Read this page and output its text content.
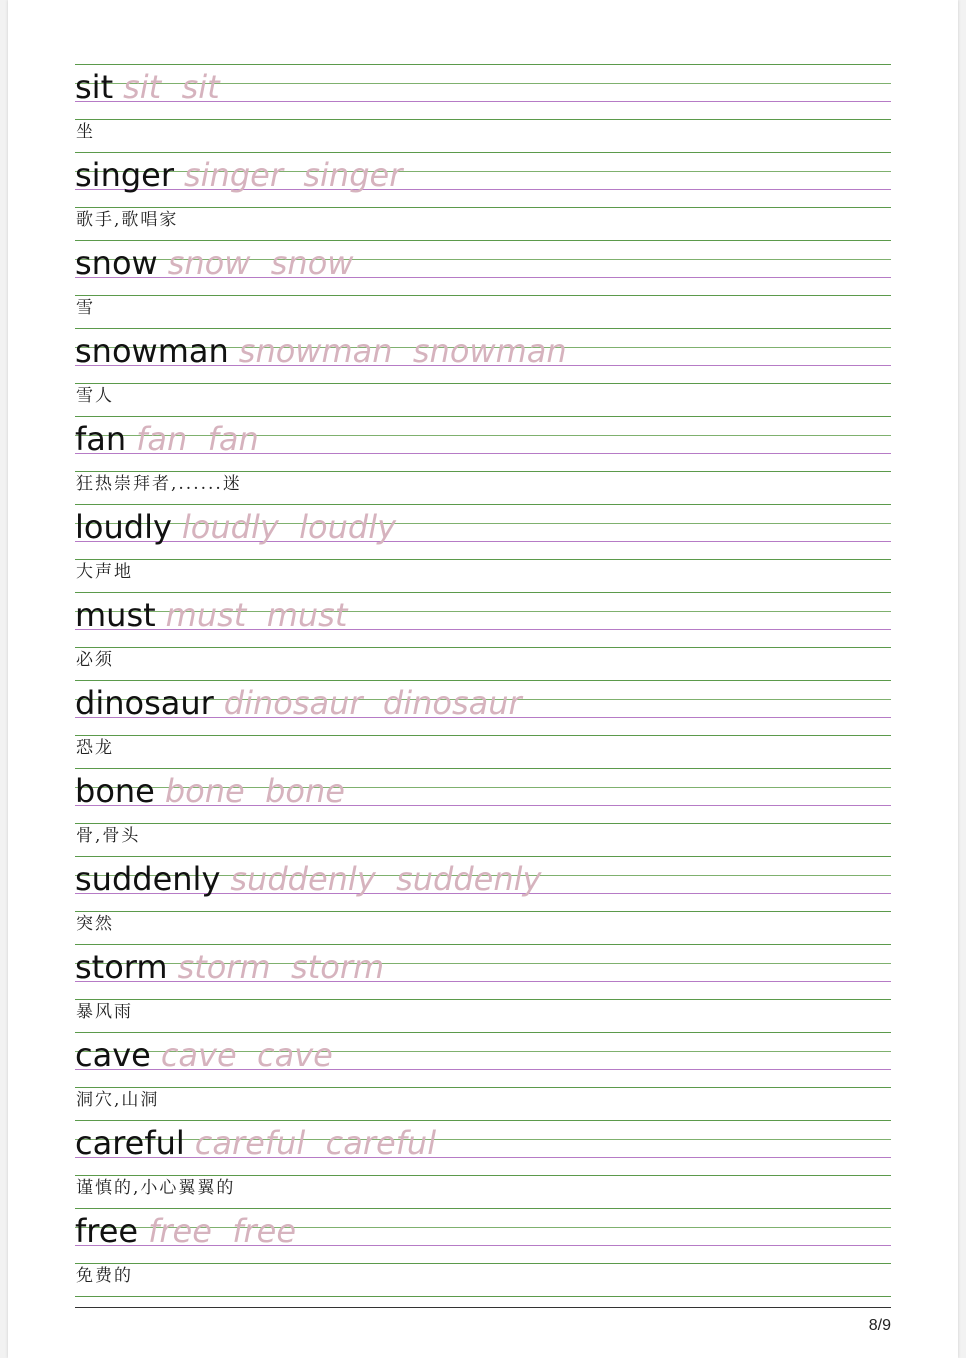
sit sit  sit
坐
singer singer  singer
歌手,歌唱家
snow snow  snow
雪
snowman snowman  snowman
雪人
fan fan  fan
狂热崇拜者,......迷
loudly loudly  loudly
大声地
must must  must
必须
dinosaur dinosaur  dinosaur
恐龙
bone bone  bone
骨,骨头
suddenly suddenly  suddenly
突然
storm storm  storm
暴风雨
cave cave  cave
洞穴,山洞
careful careful  careful
谨慎的,小心翼翼的
free free  free
免费的
8/9
